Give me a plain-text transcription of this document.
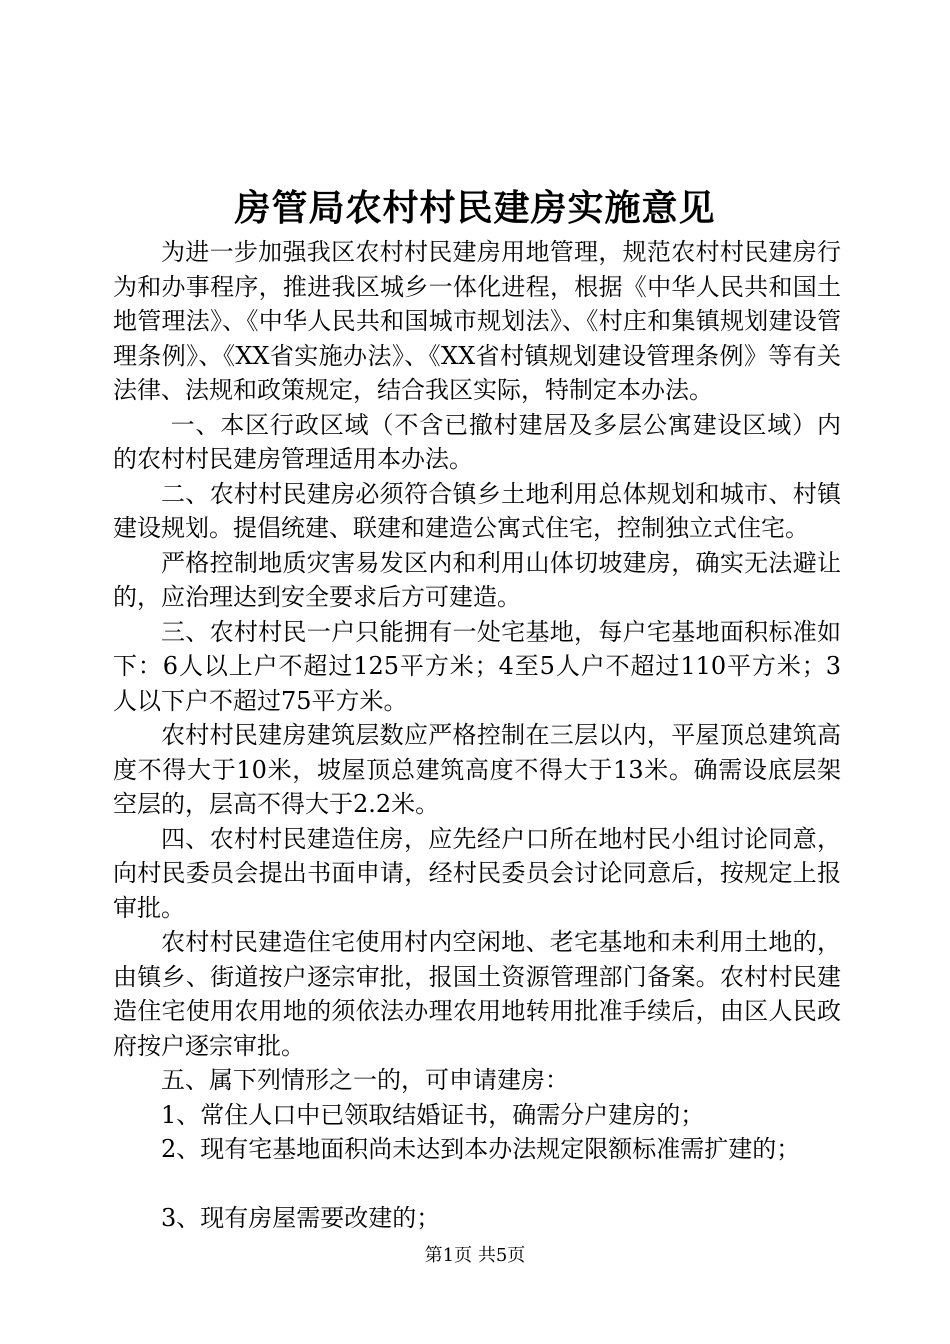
房管局农村村民建房实施意见

为进一步加强我区农村村民建房用地管理，规范农村村民建房行为和办事程序，推进我区城乡一体化进程，根据《中华人民共和国土地管理法》、《中华人民共和国城市规划法》、《村庄和集镇规划建设管理条例》、《XX省实施办法》、《XX省村镇规划建设管理条例》等有关法律、法规和政策规定，结合我区实际，特制定本办法。

一、本区行政区域（不含已撤村建居及多层公寓建设区域）内的农村村民建房管理适用本办法。

二、农村村民建房必须符合镇乡土地利用总体规划和城市、村镇建设规划。提倡统建、联建和建造公寓式住宅，控制独立式住宅。

严格控制地质灾害易发区内和利用山体切坡建房，确实无法避让的，应治理达到安全要求后方可建造。

三、农村村民一户只能拥有一处宅基地，每户宅基地面积标准如下：6人以上户不超过125平方米；4至5人户不超过110平方米；3人以下户不超过75平方米。

农村村民建房建筑层数应严格控制在三层以内，平屋顶总建筑高度不得大于10米，坡屋顶总建筑高度不得大于13米。确需设底层架空层的，层高不得大于2.2米。

四、农村村民建造住房，应先经户口所在地村民小组讨论同意，向村民委员会提出书面申请，经村民委员会讨论同意后，按规定上报审批。

农村村民建造住宅使用村内空闲地、老宅基地和未利用土地的，由镇乡、街道按户逐宗审批，报国土资源管理部门备案。农村村民建造住宅使用农用地的须依法办理农用地转用批准手续后，由区人民政府按户逐宗审批。

五、属下列情形之一的，可申请建房：

1、常住人口中已领取结婚证书，确需分户建房的；

2、现有宅基地面积尚未达到本办法规定限额标准需扩建的；

3、现有房屋需要改建的；

第1页 共5页
